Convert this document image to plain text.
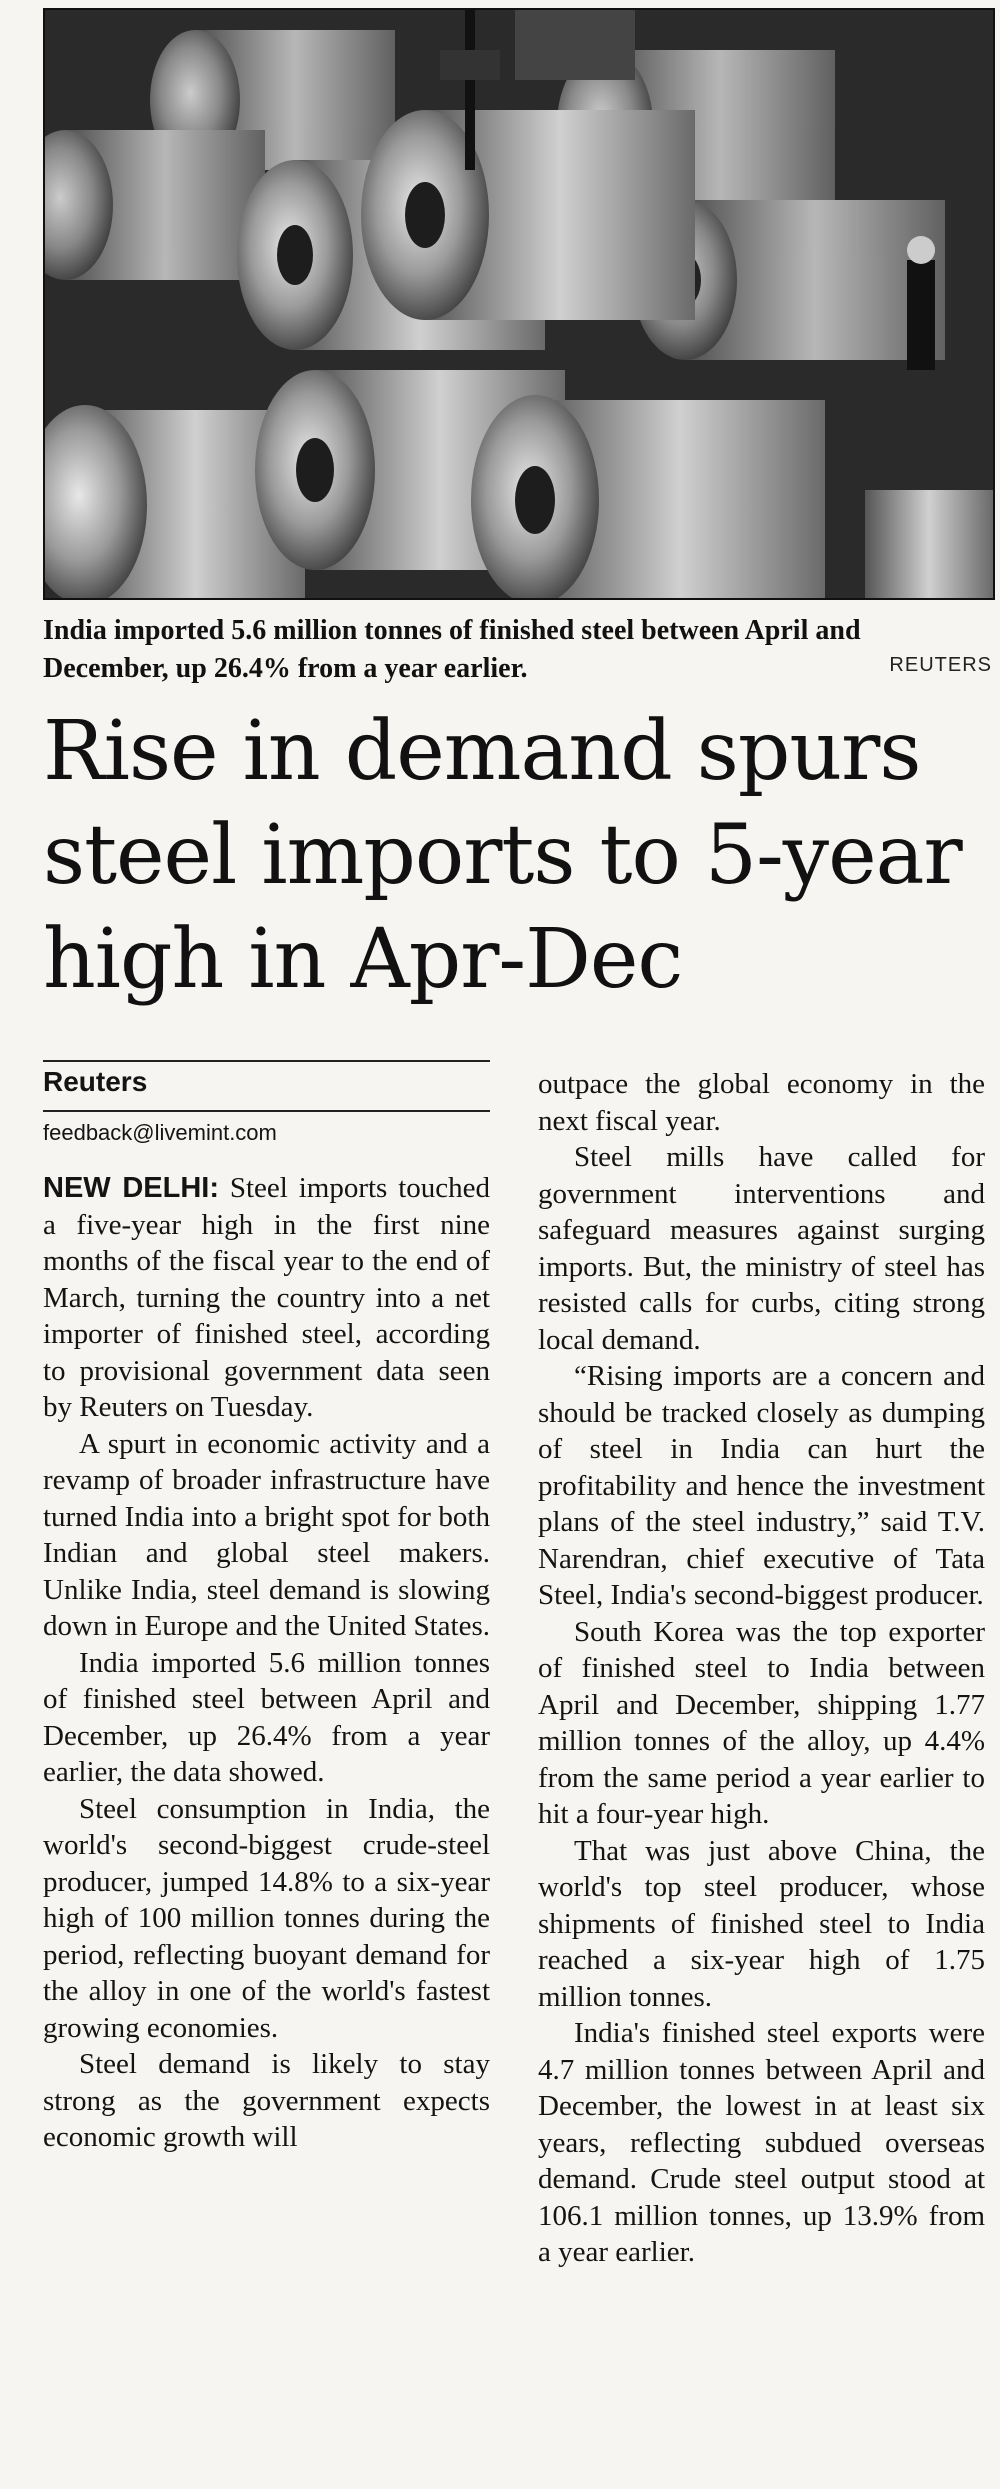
India imported 5.6 million tonnes of finished steel between April and December, up 26.4% from a year earlier.	REUTERS
Rise in demand spurs
steel imports to 5-year
high in Apr-Dec
Reuters
feedback@livemint.com

NEW DELHI: Steel imports touched a five-year high in the first nine months of the fiscal year to the end of March, turning the country into a net importer of finished steel, according to provisional government data seen by Reuters on Tuesday.

A spurt in economic activity and a revamp of broader infrastructure have turned India into a bright spot for both Indian and global steel makers. Unlike India, steel demand is slowing down in Europe and the United States.

India imported 5.6 million tonnes of finished steel between April and December, up 26.4% from a year earlier, the data showed.

Steel consumption in India, the world's second-biggest crude-steel producer, jumped 14.8% to a six-year high of 100 million tonnes during the period, reflecting buoyant demand for the alloy in one of the world's fastest growing economies.

Steel demand is likely to stay strong as the government expects economic growth will

outpace the global economy in the next fiscal year.

Steel mills have called for government interventions and safeguard measures against surging imports. But, the ministry of steel has resisted calls for curbs, citing strong local demand.

“Rising imports are a concern and should be tracked closely as dumping of steel in India can hurt the profitability and hence the investment plans of the steel industry,” said T.V. Narendran, chief executive of Tata Steel, India's second-biggest producer.

South Korea was the top exporter of finished steel to India between April and December, shipping 1.77 million tonnes of the alloy, up 4.4% from the same period a year earlier to hit a four-year high.

That was just above China, the world's top steel producer, whose shipments of finished steel to India reached a six-year high of 1.75 million tonnes.

India's finished steel exports were 4.7 million tonnes between April and December, the lowest in at least six years, reflecting subdued overseas demand. Crude steel output stood at 106.1 million tonnes, up 13.9% from a year earlier.
